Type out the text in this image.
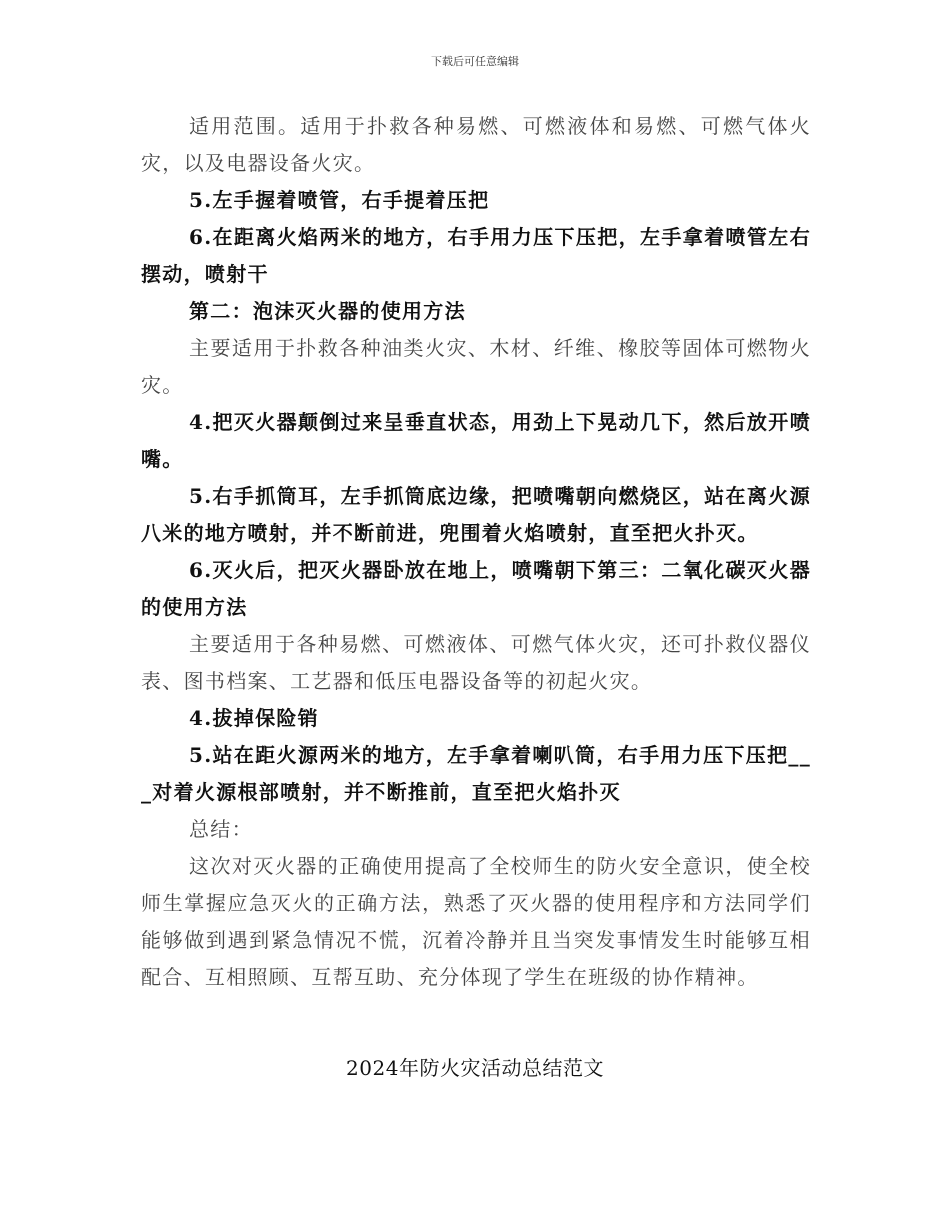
下载后可任意编辑

适用范围。适用于扑救各种易燃、可燃液体和易燃、可燃气体火灾，以及电器设备火灾。

5.左手握着喷管，右手提着压把

6.在距离火焰两米的地方，右手用力压下压把，左手拿着喷管左右摆动，喷射干

第二：泡沫灭火器的使用方法

主要适用于扑救各种油类火灾、木材、纤维、橡胶等固体可燃物火灾。

4.把灭火器颠倒过来呈垂直状态，用劲上下晃动几下，然后放开喷嘴。

5.右手抓筒耳，左手抓筒底边缘，把喷嘴朝向燃烧区，站在离火源八米的地方喷射，并不断前进，兜围着火焰喷射，直至把火扑灭。

6.灭火后，把灭火器卧放在地上，喷嘴朝下第三：二氧化碳灭火器的使用方法

主要适用于各种易燃、可燃液体、可燃气体火灾，还可扑救仪器仪表、图书档案、工艺器和低压电器设备等的初起火灾。

4.拔掉保险销

5.站在距火源两米的地方，左手拿着喇叭筒，右手用力压下压把___对着火源根部喷射，并不断推前，直至把火焰扑灭

总结：

这次对灭火器的正确使用提高了全校师生的防火安全意识，使全校师生掌握应急灭火的正确方法，熟悉了灭火器的使用程序和方法同学们能够做到遇到紧急情况不慌，沉着冷静并且当突发事情发生时能够互相配合、互相照顾、互帮互助、充分体现了学生在班级的协作精神。

2024年防火灾活动总结范文
